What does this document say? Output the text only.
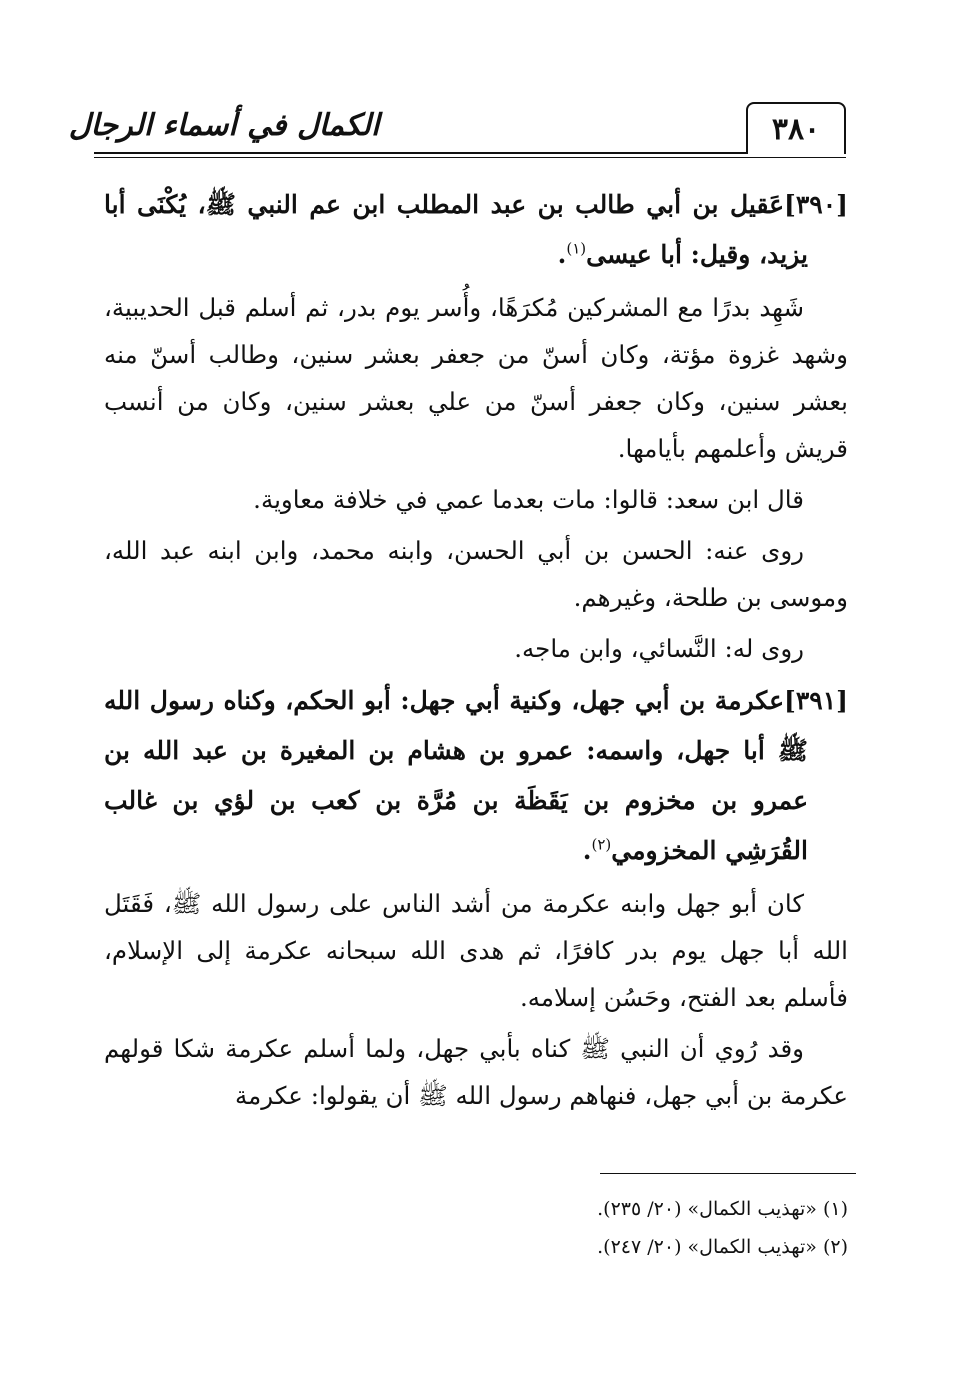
٣٨٠
الكمال في أسماء الرجال

[٣٩٠]عَقيل بن أبي طالب بن عبد المطلب ابن عم النبي ﷺ، يُكْنَى أبا يزيد، وقيل: أبا عيسى$^{(١)}$.

شَهِد بدرًا مع المشركين مُكرَهًا، وأُسر يوم بدر، ثم أسلم قبل الحديبية، وشهد غزوة مؤتة، وكان أسنّ من جعفر بعشر سنين، وطالب أسنّ منه بعشر سنين، وكان جعفر أسنّ من علي بعشر سنين، وكان من أنسب قريش وأعلمهم بأيامها.

قال ابن سعد: قالوا: مات بعدما عمي في خلافة معاوية.

روى عنه: الحسن بن أبي الحسن، وابنه محمد، وابن ابنه عبد الله، وموسى بن طلحة، وغيرهم.

روى له: النَّسائي، وابن ماجه.

[٣٩١]عكرمة بن أبي جهل، وكنية أبي جهل: أبو الحكم، وكناه رسول الله ﷺ أبا جهل، واسمه: عمرو بن هشام بن المغيرة بن عبد الله بن عمرو بن مخزوم بن يَقَظَة بن مُرَّة بن كعب بن لؤي بن غالب القُرَشِي المخزومي$^{(٢)}$.

كان أبو جهل وابنه عكرمة من أشد الناس على رسول الله ﷺ، فَقَتَل الله أبا جهل يوم بدر كافرًا، ثم هدى الله سبحانه عكرمة إلى الإسلام، فأسلم بعد الفتح، وحَسُن إسلامه.

وقد رُوي أن النبي ﷺ كناه بأبي جهل، ولما أسلم عكرمة شكا قولهم عكرمة بن أبي جهل، فنهاهم رسول الله ﷺ أن يقولوا: عكرمة

(١) «تهذيب الكمال» (٢٠/ ٢٣٥).

(٢) «تهذيب الكمال» (٢٠/ ٢٤٧).
